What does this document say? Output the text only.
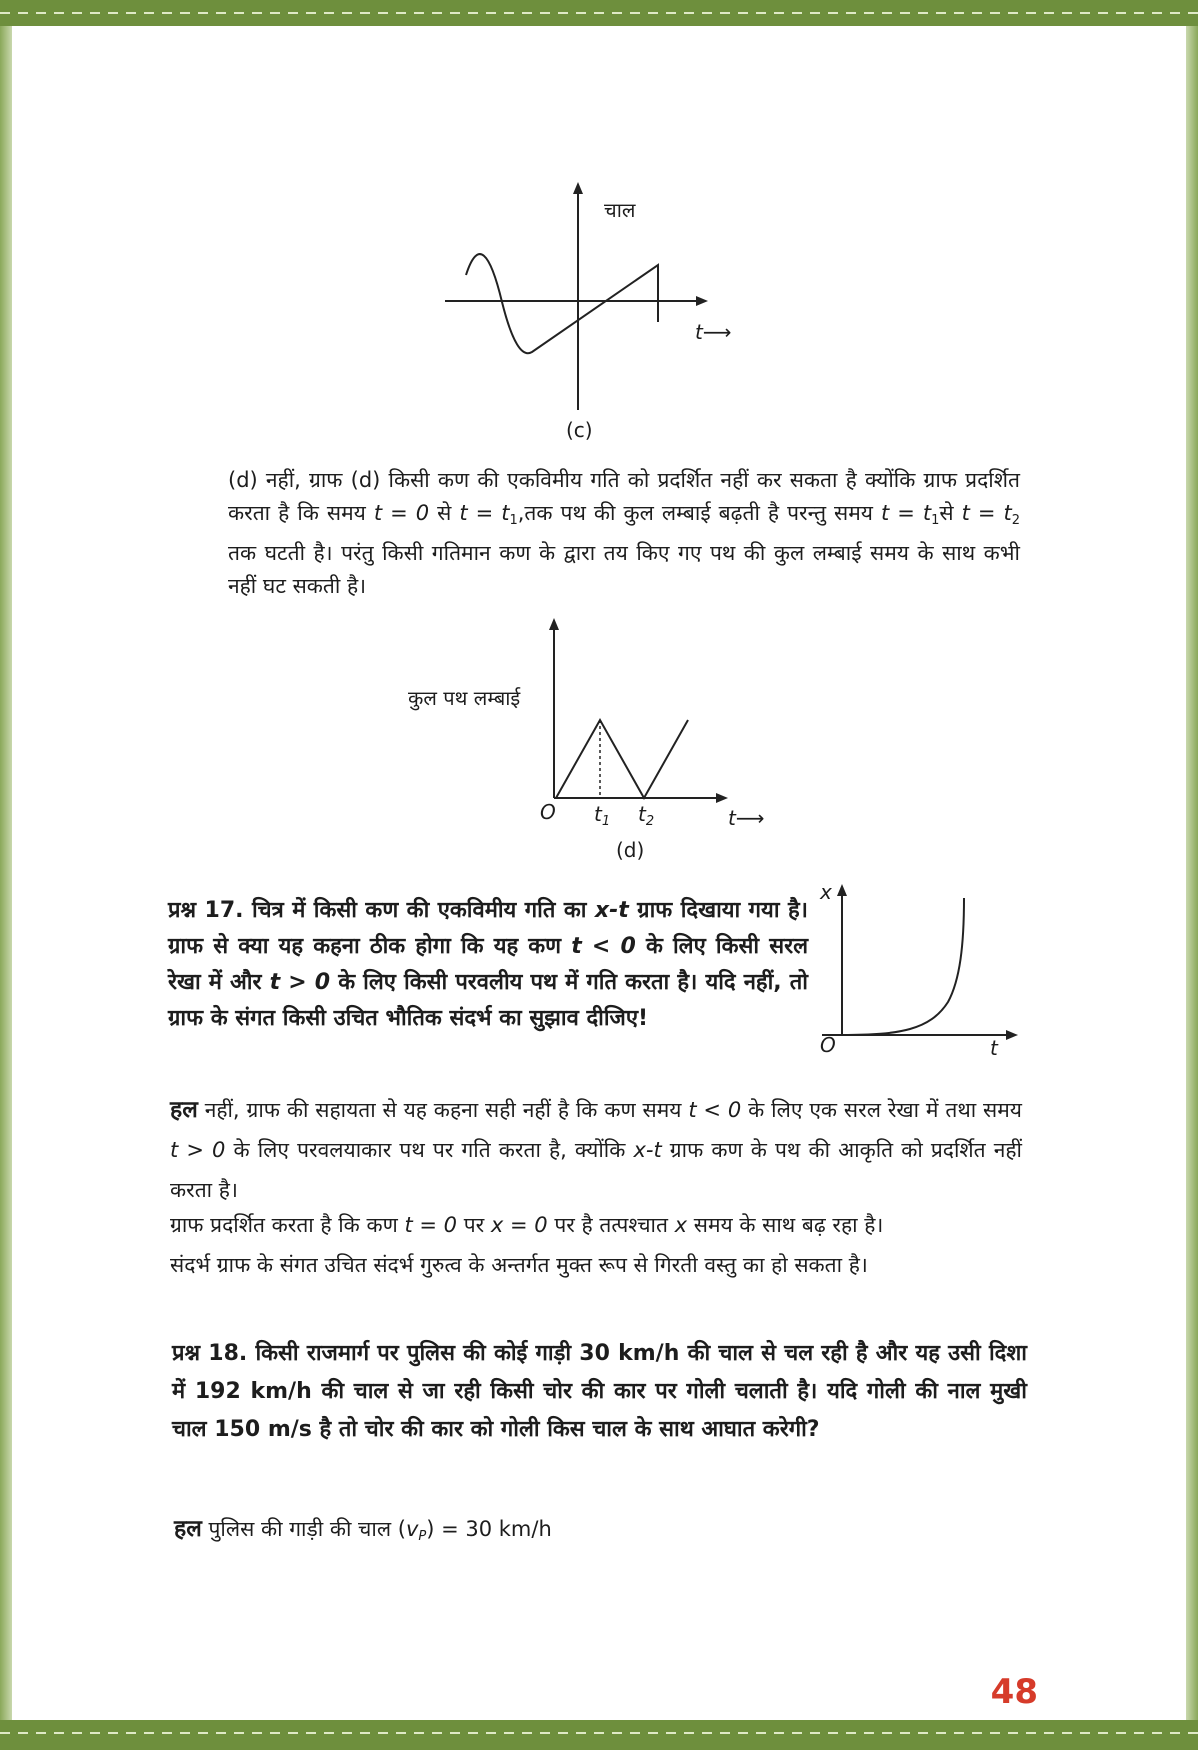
चाल
t⟶
(c)
(d) नहीं, ग्राफ (d) किसी कण की एकविमीय गति को प्रदर्शित नहीं कर सकता है क्योंकि ग्राफ प्रदर्शित करता है कि समय t = 0 से $t = t_1,तक$ पथ की कुल लम्बाई बढ़ती है परन्तु समय $t = t_1से$ $t = t_2$ तक घटती है। परंतु किसी गतिमान कण के द्वारा तय किए गए पथ की कुल लम्बाई समय के साथ कभी नहीं घट सकती है।
कुल पथ लम्बाई
O $t_1$ $t_2$	t⟶
(d)
प्रश्न 17. चित्र में किसी कण की एकविमीय गति का x-t ग्राफ दिखाया गया है। ग्राफ से क्या यह कहना ठीक होगा कि यह कण t < 0 के लिए किसी सरल रेखा में और t > 0 के लिए किसी परवलीय पथ में गति करता है। यदि नहीं, तो ग्राफ के संगत किसी उचित भौतिक संदर्भ का सुझाव दीजिए!
x
O	t
हल नहीं, ग्राफ की सहायता से यह कहना सही नहीं है कि कण समय t < 0 के लिए एक सरल रेखा में तथा समय t > 0 के लिए परवलयाकार पथ पर गति करता है, क्योंकि x-t ग्राफ कण के पथ की आकृति को प्रदर्शित नहीं करता है।
ग्राफ प्रदर्शित करता है कि कण t = 0 पर x = 0 पर है तत्पश्चात x समय के साथ बढ़ रहा है।
संदर्भ ग्राफ के संगत उचित संदर्भ गुरुत्व के अन्तर्गत मुक्त रूप से गिरती वस्तु का हो सकता है।
प्रश्न 18. किसी राजमार्ग पर पुलिस की कोई गाड़ी 30 km/h की चाल से चल रही है और यह उसी दिशा में 192 km/h की चाल से जा रही किसी चोर की कार पर गोली चलाती है। यदि गोली की नाल मुखी चाल 150 m/s है तो चोर की कार को गोली किस चाल के साथ आघात करेगी?
हल पुलिस की गाड़ी की चाल $(v_P) = 30$ km/h
48
